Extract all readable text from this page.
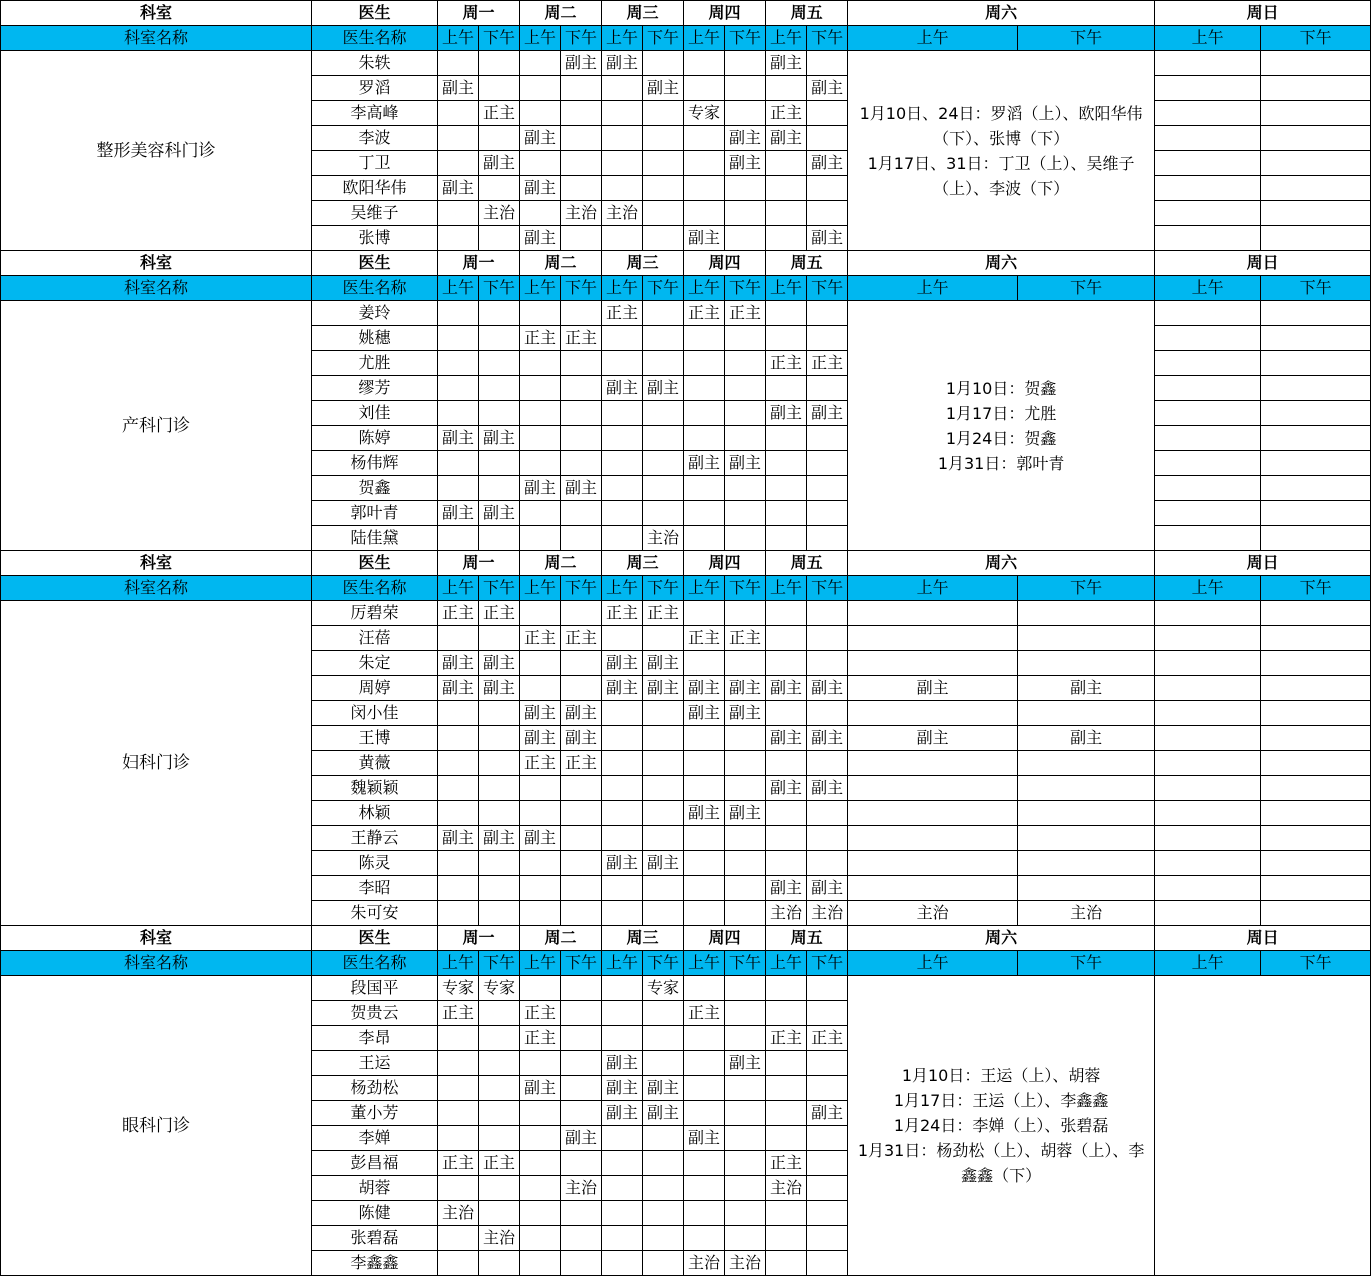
科室	医生	周一		周二		周三		周四		周五		周六		周日	
科室名称	医生名称	上午	下午	上午	下午	上午	下午	上午	下午	上午	下午	上午	下午	上午	下午
整形美容科门诊	朱轶				副主	副主				副主		1月10日、24日：罗滔（上）、欧阳华伟（下）、张博（下）
1月17日、31日：丁卫（上）、吴维子（上）、李波（下）			

	罗滔	副主					副主				副主				
	李高峰		正主					专家		正主					
	李波			副主					副主	副主					
	丁卫		副主						副主		副主				
	欧阳华伟	副主		副主											
	吴维子		主治		主治	主治									
	张博			副主				副主			副主				
科室	医生	周一		周二		周三		周四		周五		周六		周日	
科室名称	医生名称	上午	下午	上午	下午	上午	下午	上午	下午	上午	下午	上午	下午	上午	下午
产科门诊	姜玲					正主		正主	正主			1月10日：贺鑫
1月17日：尤胜
1月24日：贺鑫
1月31日：郭叶青			

	姚穗			正主	正主										
	尤胜									正主	正主				
	缪芳					副主	副主								
	刘佳									副主	副主				
	陈婷	副主	副主												
	杨伟辉							副主	副主						
	贺鑫			副主	副主										
	郭叶青	副主	副主												
	陆佳黛						主治								
科室	医生	周一		周二		周三		周四		周五		周六		周日	
科室名称	医生名称	上午	下午	上午	下午	上午	下午	上午	下午	上午	下午	上午	下午	上午	下午
妇科门诊	厉碧荣	正主	正主			正主	正主								
	汪蓓			正主	正主			正主	正主						
	朱定	副主	副主			副主	副主								
	周婷	副主	副主			副主	副主	副主	副主	副主	副主	副主	副主		
	闵小佳			副主	副主			副主	副主						
	王博			副主	副主					副主	副主	副主	副主		
	黄薇			正主	正主										
	魏颖颖									副主	副主				
	林颖							副主	副主						
	王静云	副主	副主	副主											
	陈灵					副主	副主								
	李昭									副主	副主				
	朱可安									主治	主治	主治	主治		
科室	医生	周一		周二		周三		周四		周五		周六		周日	
科室名称	医生名称	上午	下午	上午	下午	上午	下午	上午	下午	上午	下午	上午	下午	上午	下午
眼科门诊	段国平	专家	专家				专家					1月10日：王运（上）、胡蓉
1月17日：王运（上）、李鑫鑫
1月24日：李婵（上）、张碧磊
1月31日：杨劲松（上）、胡蓉（上）、李鑫鑫（下）			

	贺贵云	正主		正主				正主							
	李昂			正主						正主	正主				
	王运					副主			副主						
	杨劲松			副主		副主	副主								
	董小芳					副主	副主				副主				
	李婵				副主			副主							
	彭昌福	正主	正主							正主					
	胡蓉				主治					主治					
	陈健	主治													
	张碧磊		主治												
	李鑫鑫							主治	主治						
